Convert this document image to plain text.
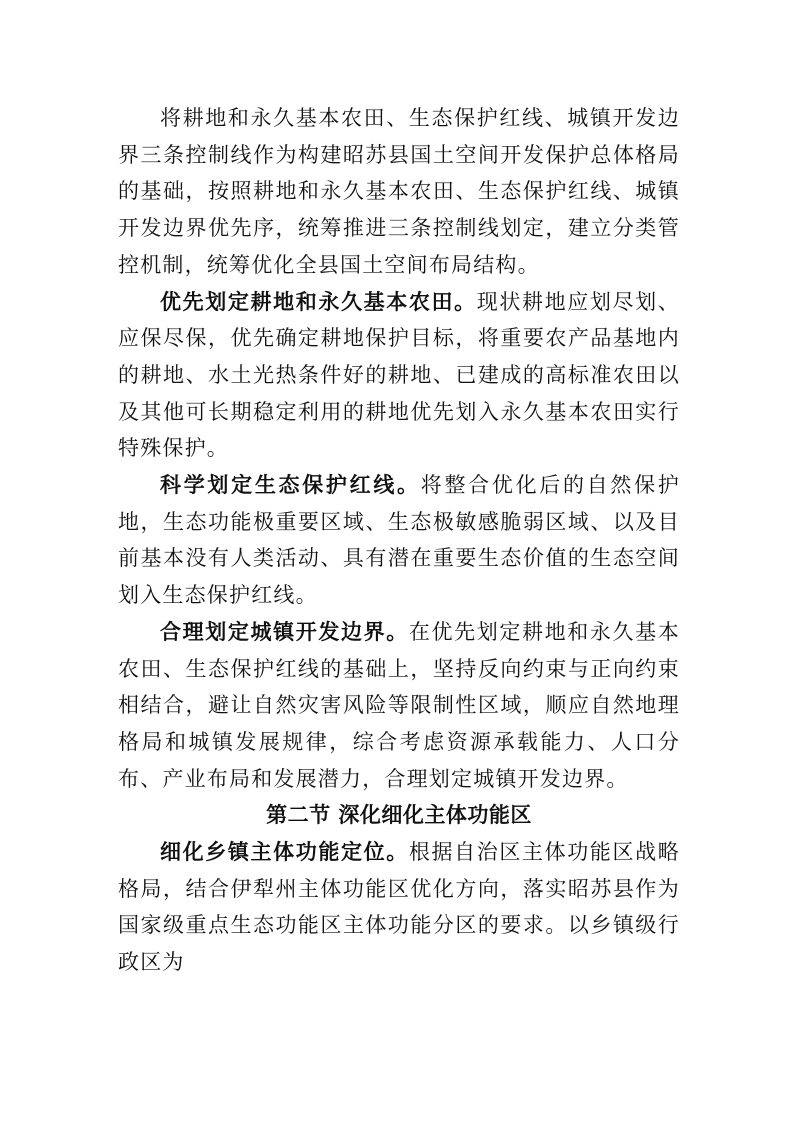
将耕地和永久基本农田、生态保护红线、城镇开发边界三条控制线作为构建昭苏县国土空间开发保护总体格局的基础，按照耕地和永久基本农田、生态保护红线、城镇开发边界优先序，统筹推进三条控制线划定，建立分类管控机制，统筹优化全县国土空间布局结构。

优先划定耕地和永久基本农田。现状耕地应划尽划、应保尽保，优先确定耕地保护目标，将重要农产品基地内的耕地、水土光热条件好的耕地、已建成的高标准农田以及其他可长期稳定利用的耕地优先划入永久基本农田实行特殊保护。

科学划定生态保护红线。将整合优化后的自然保护地，生态功能极重要区域、生态极敏感脆弱区域、以及目前基本没有人类活动、具有潜在重要生态价值的生态空间划入生态保护红线。

合理划定城镇开发边界。在优先划定耕地和永久基本农田、生态保护红线的基础上，坚持反向约束与正向约束相结合，避让自然灾害风险等限制性区域，顺应自然地理格局和城镇发展规律，综合考虑资源承载能力、人口分布、产业布局和发展潜力，合理划定城镇开发边界。

第二节 深化细化主体功能区

细化乡镇主体功能定位。根据自治区主体功能区战略格局，结合伊犁州主体功能区优化方向，落实昭苏县作为国家级重点生态功能区主体功能分区的要求。以乡镇级行政区为
